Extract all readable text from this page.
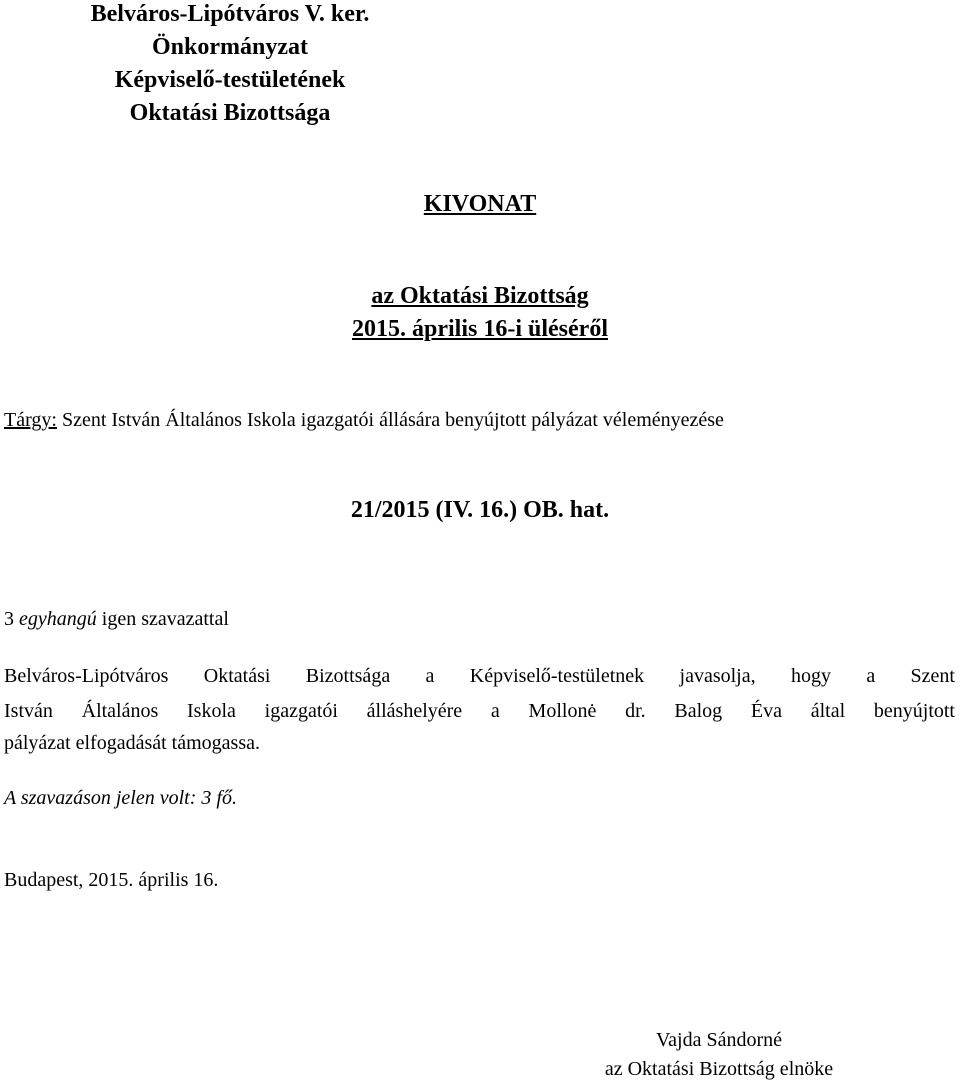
Belváros-Lipótváros V. ker.
Önkormányzat
Képviselő-testületének
Oktatási Bizottsága
KIVONAT
az Oktatási Bizottság
2015. április 16-i üléséről
Tárgy: Szent István Általános Iskola igazgatói állására benyújtott pályázat véleményezése
21/2015 (IV. 16.) OB. hat.
3 egyhangú igen szavazattal
Belváros-Lipótváros Oktatási Bizottsága a Képviselő-testületnek javasolja, hogy a Szent
István Általános Iskola igazgatói álláshelyére a Mollonė dr. Balog Éva által benyújtott
pályázat elfogadását támogassa.
A szavazáson jelen volt: 3 fő.
Budapest, 2015. április 16.
Vajda Sándorné
az Oktatási Bizottság elnöke
